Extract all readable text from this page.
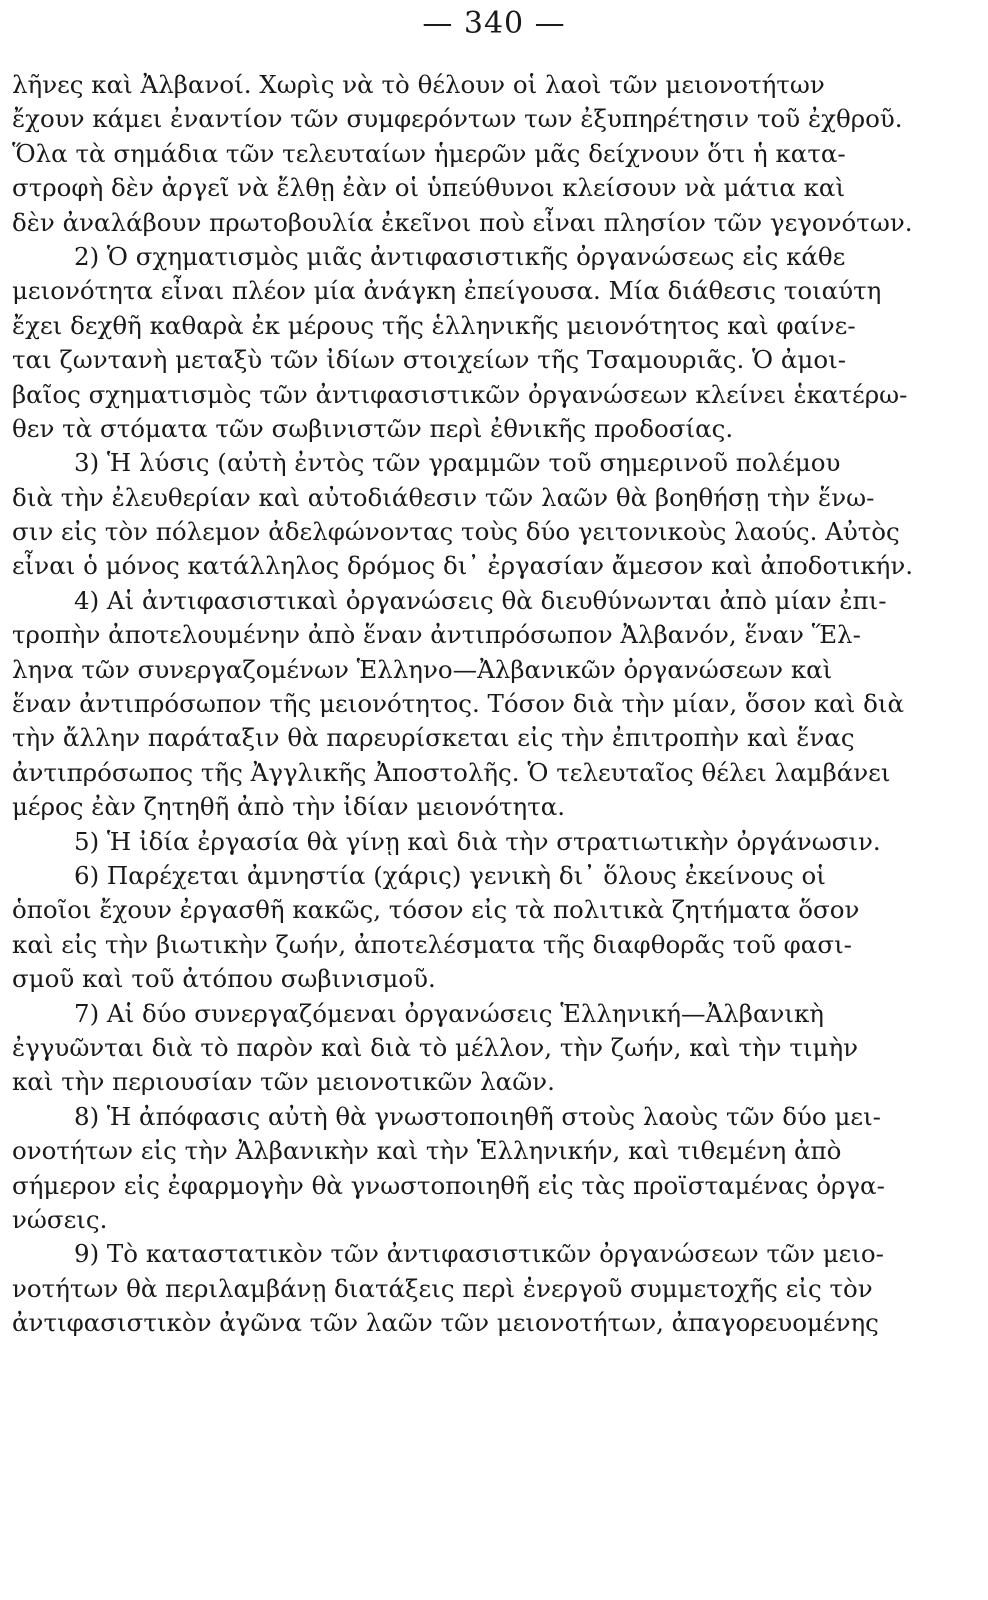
— 340 —
λῆνες καὶ Ἀλβανοί. Χωρὶς νὰ τὸ θέλουν οἱ λαοὶ τῶν μειονοτήτων
ἔχουν κάμει ἐναντίον τῶν συμφερόντων των ἐξυπηρέτησιν τοῦ ἐχθροῦ.
Ὅλα τὰ σημάδια τῶν τελευταίων ἡμερῶν μᾶς δείχνουν ὅτι ἡ κατα-
στροφὴ δὲν ἀργεῖ νὰ ἔλθῃ ἐὰν οἱ ὑπεύθυνοι κλείσουν νὰ μάτια καὶ
δὲν ἀναλάβουν πρωτοβουλία ἐκεῖνοι ποὺ εἶναι πλησίον τῶν γεγονότων.
2) Ὁ σχηματισμὸς μιᾶς ἀντιφασιστικῆς ὀργανώσεως εἰς κάθε
μειονότητα εἶναι πλέον μία ἀνάγκη ἐπείγουσα. Μία διάθεσις τοιαύτη
ἔχει δεχθῆ καθαρὰ ἐκ μέρους τῆς ἑλληνικῆς μειονότητος καὶ φαίνε-
ται ζωντανὴ μεταξὺ τῶν ἰδίων στοιχείων τῆς Τσαμουριᾶς. Ὁ ἀμοι-
βαῖος σχηματισμὸς τῶν ἀντιφασιστικῶν ὀργανώσεων κλείνει ἑκατέρω-
θεν τὰ στόματα τῶν σωβινιστῶν περὶ ἐθνικῆς προδοσίας.
3) Ἡ λύσις (αὐτὴ ἐντὸς τῶν γραμμῶν τοῦ σημερινοῦ πολέμου
διὰ τὴν ἐλευθερίαν καὶ αὐτοδιάθεσιν τῶν λαῶν θὰ βοηθήσῃ τὴν ἕνω-
σιν εἰς τὸν πόλεμον ἀδελφώνοντας τοὺς δύο γειτονικοὺς λαούς. Αὐτὸς
εἶναι ὁ μόνος κατάλληλος δρόμος δι᾽ ἐργασίαν ἄμεσον καὶ ἀποδοτικήν.
4) Αἱ ἀντιφασιστικαὶ ὀργανώσεις θὰ διευθύνωνται ἀπὸ μίαν ἐπι-
τροπὴν ἀποτελουμένην ἀπὸ ἕναν ἀντιπρόσωπον Ἀλβανόν, ἕναν Ἕλ-
ληνα τῶν συνεργαζομένων Ἑλληνο—Ἀλβανικῶν ὀργανώσεων καὶ
ἕναν ἀντιπρόσωπον τῆς μειονότητος. Τόσον διὰ τὴν μίαν, ὅσον καὶ διὰ
τὴν ἄλλην παράταξιν θὰ παρευρίσκεται εἰς τὴν ἐπιτροπὴν καὶ ἕνας
ἀντιπρόσωπος τῆς Ἀγγλικῆς Ἀποστολῆς. Ὁ τελευταῖος θέλει λαμβάνει
μέρος ἐὰν ζητηθῆ ἀπὸ τὴν ἰδίαν μειονότητα.
5) Ἡ ἰδία ἐργασία θὰ γίνῃ καὶ διὰ τὴν στρατιωτικὴν ὀργάνωσιν.
6) Παρέχεται ἀμνηστία (χάρις) γενικὴ δι᾽ ὅλους ἐκείνους οἱ
ὁποῖοι ἔχουν ἐργασθῆ κακῶς, τόσον εἰς τὰ πολιτικὰ ζητήματα ὅσον
καὶ εἰς τὴν βιωτικὴν ζωήν, ἀποτελέσματα τῆς διαφθορᾶς τοῦ φασι-
σμοῦ καὶ τοῦ ἀτόπου σωβινισμοῦ.
7) Αἱ δύο συνεργαζόμεναι ὀργανώσεις Ἑλληνική—Ἀλβανικὴ
ἐγγυῶνται διὰ τὸ παρὸν καὶ διὰ τὸ μέλλον, τὴν ζωήν, καὶ τὴν τιμὴν
καὶ τὴν περιουσίαν τῶν μειονοτικῶν λαῶν.
8) Ἡ ἀπόφασις αὐτὴ θὰ γνωστοποιηθῆ στοὺς λαοὺς τῶν δύο μει-
ονοτήτων εἰς τὴν Ἀλβανικὴν καὶ τὴν Ἑλληνικήν, καὶ τιθεμένη ἀπὸ
σήμερον εἰς ἐφαρμογὴν θὰ γνωστοποιηθῆ εἰς τὰς προϊσταμένας ὀργα-
νώσεις.
9) Τὸ καταστατικὸν τῶν ἀντιφασιστικῶν ὀργανώσεων τῶν μειο-
νοτήτων θὰ περιλαμβάνῃ διατάξεις περὶ ἐνεργοῦ συμμετοχῆς εἰς τὸν
ἀντιφασιστικὸν ἀγῶνα τῶν λαῶν τῶν μειονοτήτων, ἀπαγορευομένης
